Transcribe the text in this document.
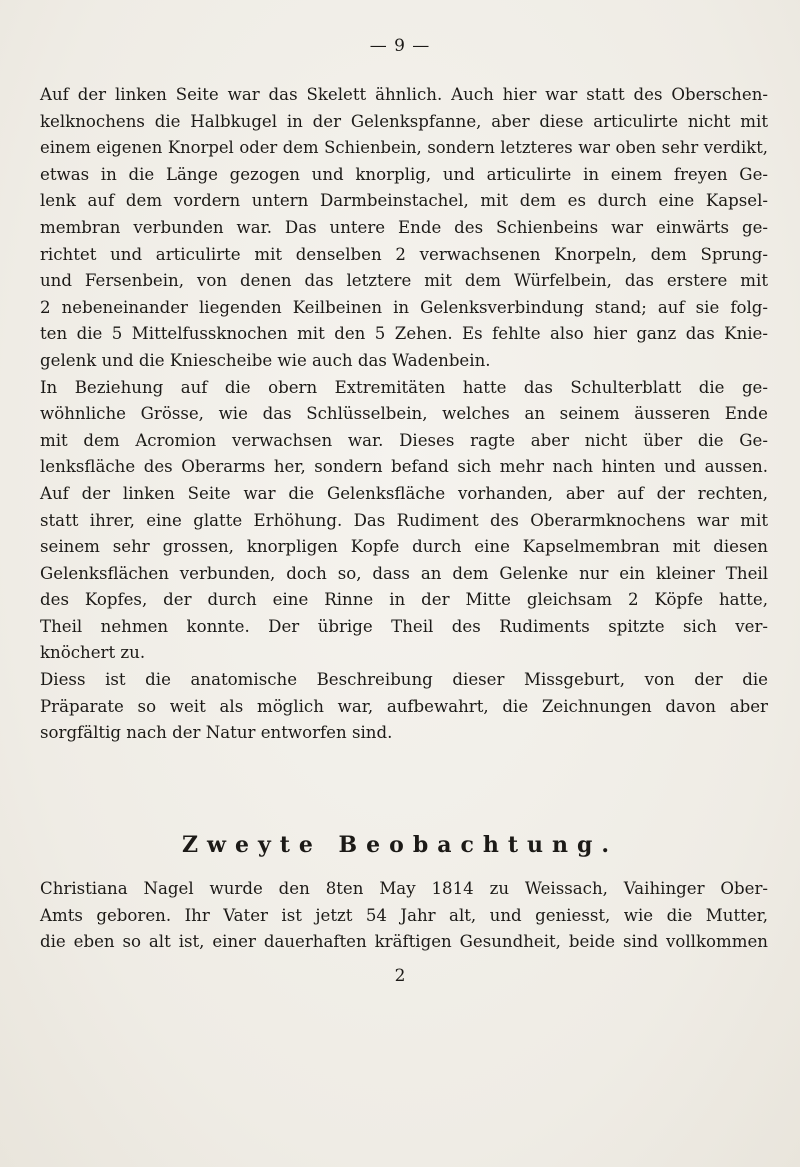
— 9 —
Auf der linken Seite war das Skelett ähnlich. Auch hier war statt des Oberschen-
kelknochens die Halbkugel in der Gelenkspfanne, aber diese articulirte nicht mit
einem eigenen Knorpel oder dem Schienbein, sondern letzteres war oben sehr verdikt,
etwas in die Länge gezogen und knorplig, und articulirte in einem freyen Ge-
lenk auf dem vordern untern Darmbeinstachel, mit dem es durch eine Kapsel-
membran verbunden war. Das untere Ende des Schienbeins war einwärts ge-
richtet und articulirte mit denselben 2 verwachsenen Knorpeln, dem Sprung-
und Fersenbein, von denen das letztere mit dem Würfelbein, das erstere mit
2 nebeneinander liegenden Keilbeinen in Gelenksverbindung stand; auf sie folg-
ten die 5 Mittelfussknochen mit den 5 Zehen. Es fehlte also hier ganz das Knie-
gelenk und die Kniescheibe wie auch das Wadenbein.
In Beziehung auf die obern Extremitäten hatte das Schulterblatt die ge-
wöhnliche Grösse, wie das Schlüsselbein, welches an seinem äusseren Ende
mit dem Acromion verwachsen war. Dieses ragte aber nicht über die Ge-
lenksfläche des Oberarms her, sondern befand sich mehr nach hinten und aussen.
Auf der linken Seite war die Gelenksfläche vorhanden, aber auf der rechten,
statt ihrer, eine glatte Erhöhung. Das Rudiment des Oberarmknochens war mit
seinem sehr grossen, knorpligen Kopfe durch eine Kapselmembran mit diesen
Gelenksflächen verbunden, doch so, dass an dem Gelenke nur ein kleiner Theil
des Kopfes, der durch eine Rinne in der Mitte gleichsam 2 Köpfe hatte,
Theil nehmen konnte. Der übrige Theil des Rudiments spitzte sich ver-
knöchert zu.
Diess ist die anatomische Beschreibung dieser Missgeburt, von der die
Präparate so weit als möglich war, aufbewahrt, die Zeichnungen davon aber
sorgfältig nach der Natur entworfen sind.
Zweyte Beobachtung.
Christiana Nagel wurde den 8ten May 1814 zu Weissach, Vaihinger Ober-
Amts geboren. Ihr Vater ist jetzt 54 Jahr alt, und geniesst, wie die Mutter,
die eben so alt ist, einer dauerhaften kräftigen Gesundheit, beide sind vollkommen
2
